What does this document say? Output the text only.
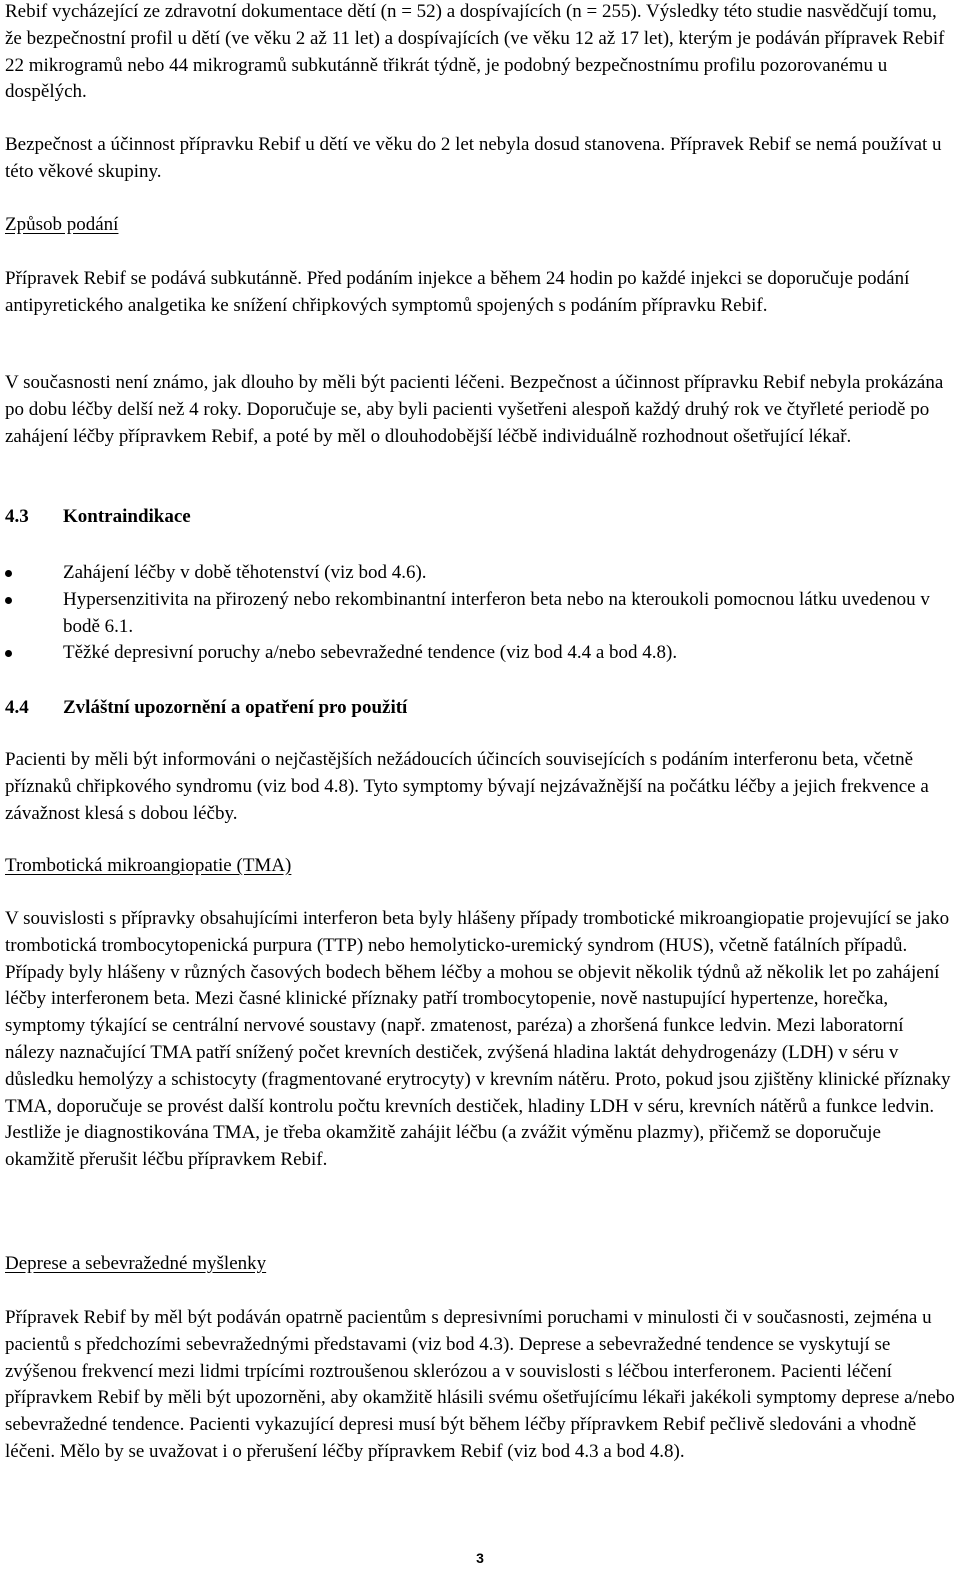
Rebif vycházející ze zdravotní dokumentace dětí (n = 52) a dospívajících (n = 255). Výsledky této studie nasvědčují tomu, že bezpečnostní profil u dětí (ve věku 2 až 11 let) a dospívajících (ve věku 12 až 17 let), kterým je podáván přípravek Rebif 22 mikrogramů nebo 44 mikrogramů subkutánně třikrát týdně, je podobný bezpečnostnímu profilu pozorovanému u dospělých.

Bezpečnost a účinnost přípravku Rebif u dětí ve věku do 2 let nebyla dosud stanovena. Přípravek Rebif se nemá používat u této věkové skupiny.

Způsob podání

Přípravek Rebif se podává subkutánně. Před podáním injekce a během 24 hodin po každé injekci se doporučuje podání antipyretického analgetika ke snížení chřipkových symptomů spojených s podáním přípravku Rebif.

V současnosti není známo, jak dlouho by měli být pacienti léčeni. Bezpečnost a účinnost přípravku Rebif nebyla prokázána po dobu léčby delší než 4 roky. Doporučuje se, aby byli pacienti vyšetřeni alespoň každý druhý rok ve čtyřleté periodě po zahájení léčby přípravkem Rebif, a poté by měl o dlouhodobější léčbě individuálně rozhodnout ošetřující lékař.

4.3 Kontraindikace

Zahájení léčby v době těhotenství (viz bod 4.6).
Hypersenzitivita na přirozený nebo rekombinantní interferon beta nebo na kteroukoli pomocnou látku uvedenou v bodě 6.1.
Těžké depresivní poruchy a/nebo sebevražedné tendence (viz bod 4.4 a bod 4.8).

4.4 Zvláštní upozornění a opatření pro použití

Pacienti by měli být informováni o nejčastějších nežádoucích účincích souvisejících s podáním interferonu beta, včetně příznaků chřipkového syndromu (viz bod 4.8). Tyto symptomy bývají nejzávažnější na počátku léčby a jejich frekvence a závažnost klesá s dobou léčby.

Trombotická mikroangiopatie (TMA)

V souvislosti s přípravky obsahujícími interferon beta byly hlášeny případy trombotické mikroangiopatie projevující se jako trombotická trombocytopenická purpura (TTP) nebo hemolyticko-uremický syndrom (HUS), včetně fatálních případů. Případy byly hlášeny v různých časových bodech během léčby a mohou se objevit několik týdnů až několik let po zahájení léčby interferonem beta. Mezi časné klinické příznaky patří trombocytopenie, nově nastupující hypertenze, horečka, symptomy týkající se centrální nervové soustavy (např. zmatenost, paréza) a zhoršená funkce ledvin. Mezi laboratorní nálezy naznačující TMA patří snížený počet krevních destiček, zvýšená hladina laktát dehydrogenázy (LDH) v séru v důsledku hemolýzy a schistocyty (fragmentované erytrocyty) v krevním nátěru. Proto, pokud jsou zjištěny klinické příznaky TMA, doporučuje se provést další kontrolu počtu krevních destiček, hladiny LDH v séru, krevních nátěrů a funkce ledvin. Jestliže je diagnostikována TMA, je třeba okamžitě zahájit léčbu (a zvážit výměnu plazmy), přičemž se doporučuje okamžitě přerušit léčbu přípravkem Rebif.

Deprese a sebevražedné myšlenky

Přípravek Rebif by měl být podáván opatrně pacientům s depresivními poruchami v minulosti či v současnosti, zejména u pacientů s předchozími sebevražednými představami (viz bod 4.3). Deprese a sebevražedné tendence se vyskytují se zvýšenou frekvencí mezi lidmi trpícími roztroušenou sklerózou a v souvislosti s léčbou interferonem. Pacienti léčení přípravkem Rebif by měli být upozorněni, aby okamžitě hlásili svému ošetřujícímu lékaři jakékoli symptomy deprese a/nebo sebevražedné tendence. Pacienti vykazující depresi musí být během léčby přípravkem Rebif pečlivě sledováni a vhodně léčeni. Mělo by se uvažovat i o přerušení léčby přípravkem Rebif (viz bod 4.3 a bod 4.8).

3
